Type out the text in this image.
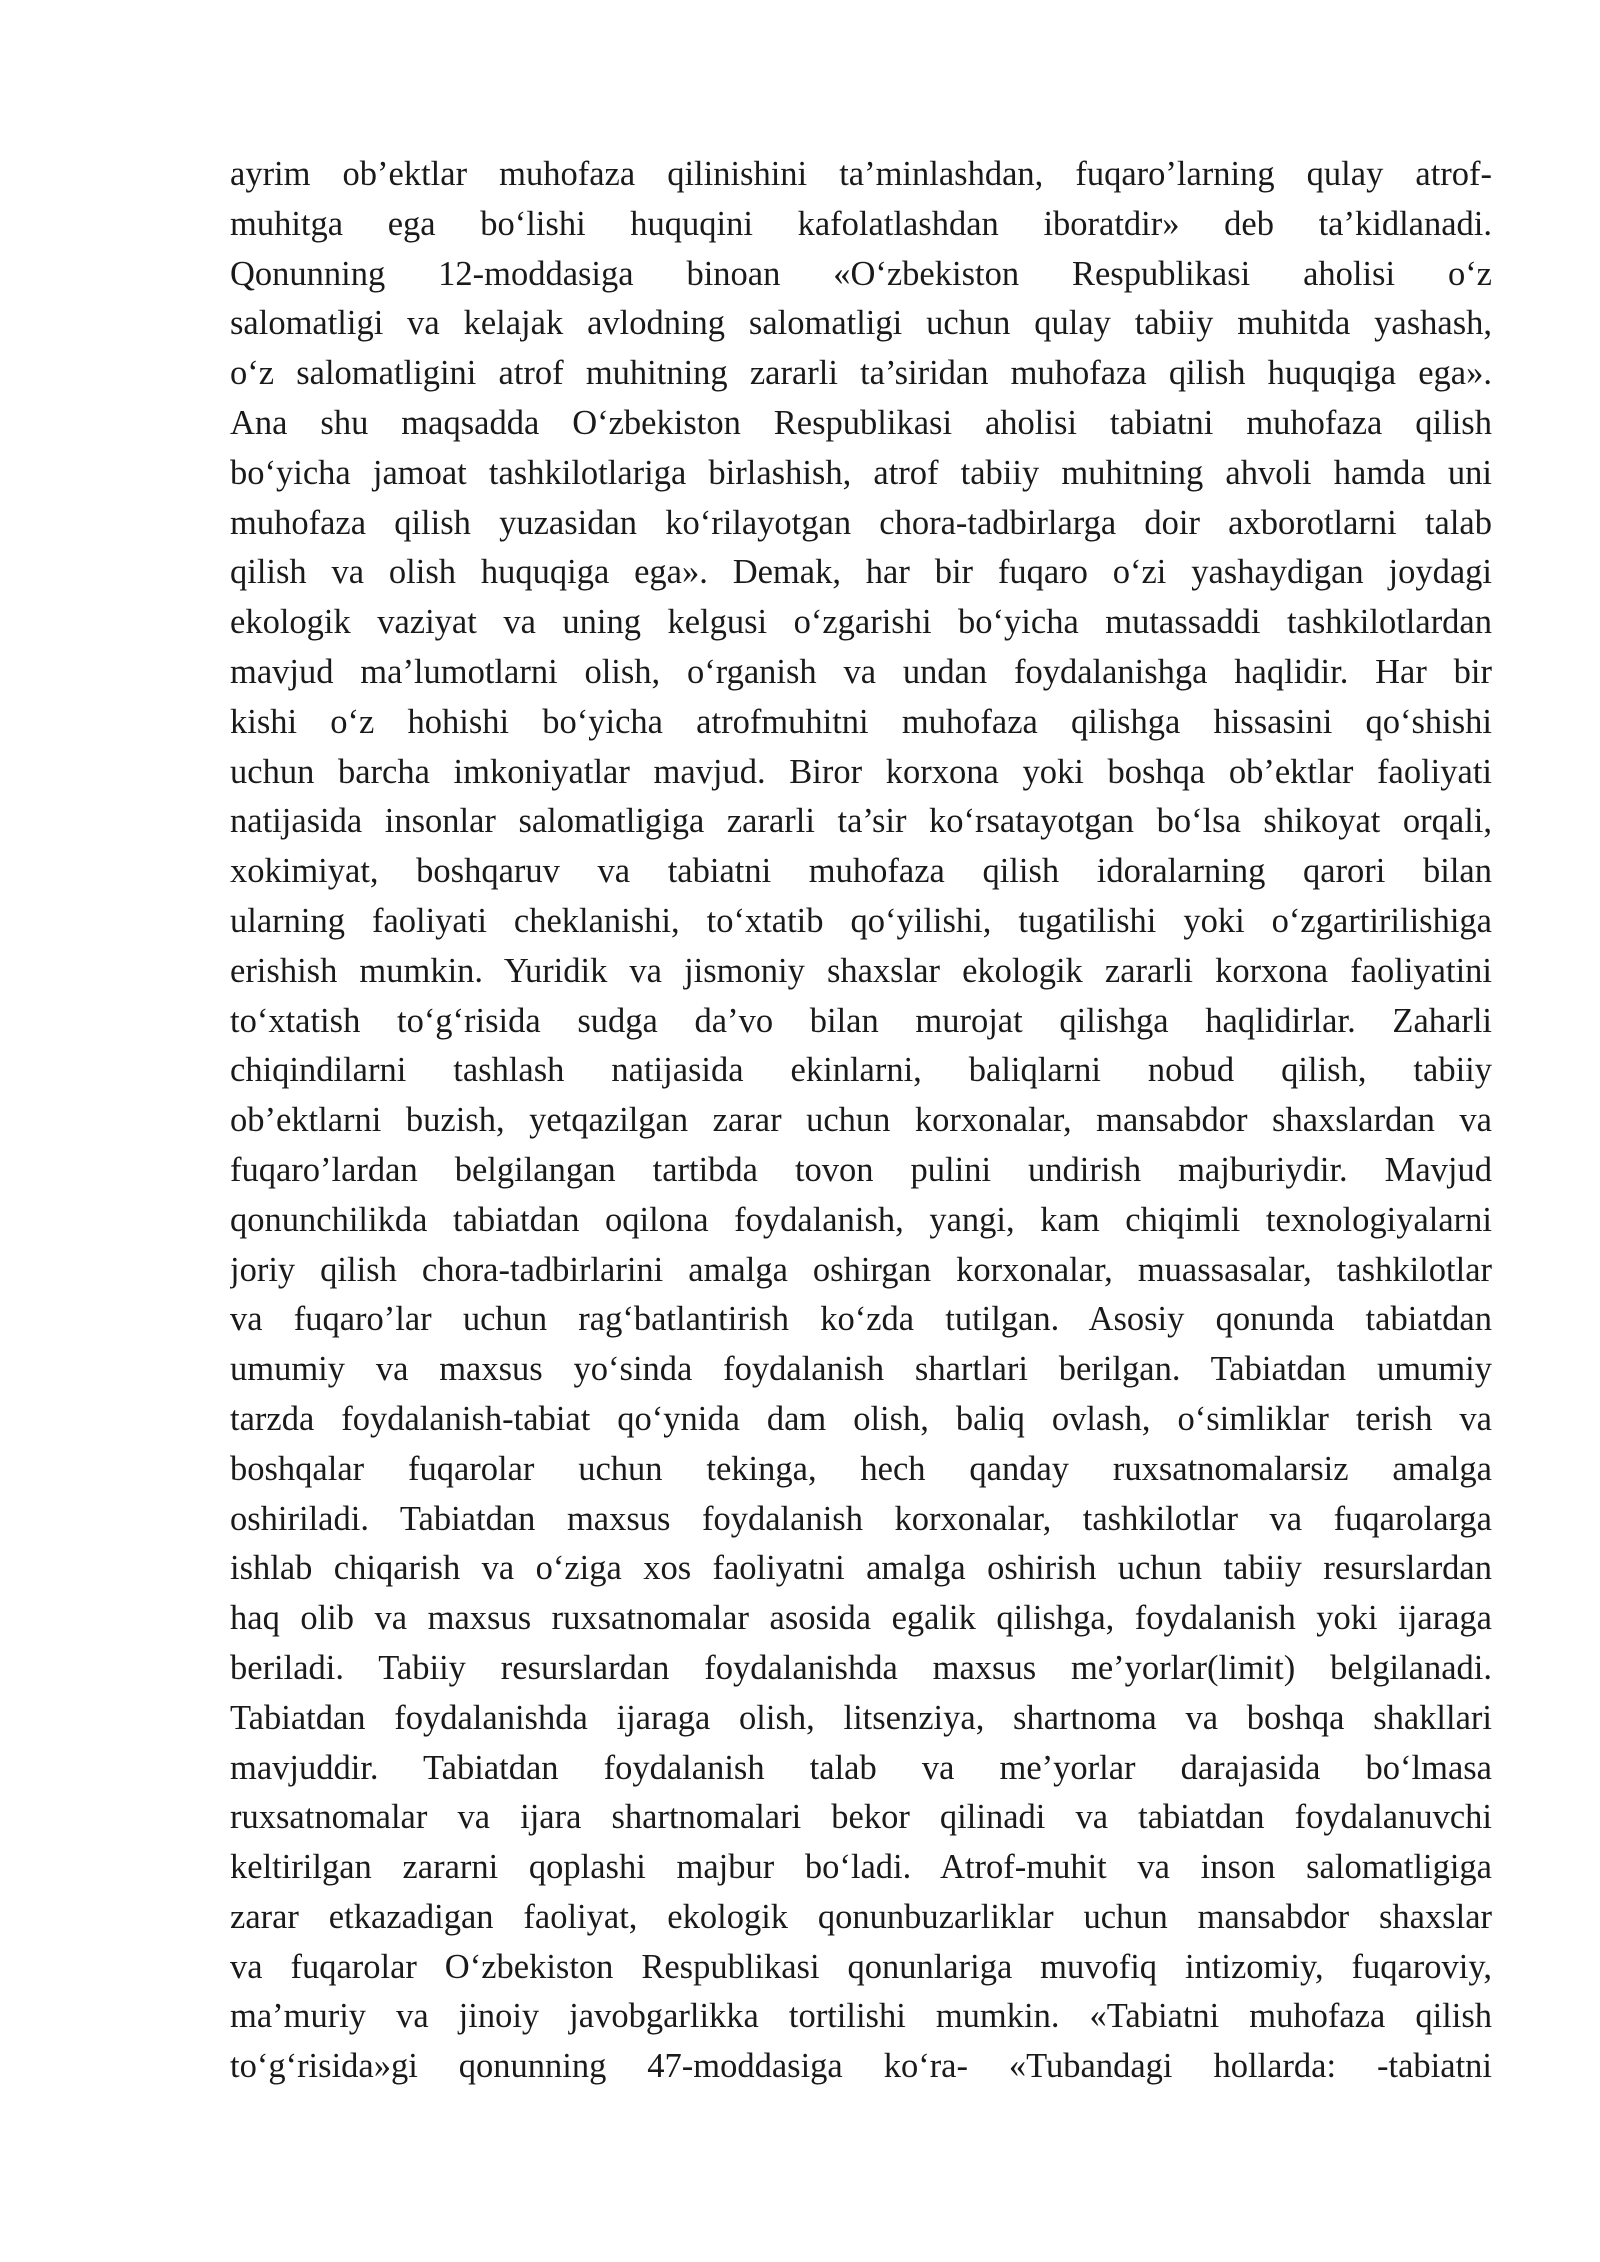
ayrim ob’ektlar muhofaza qilinishini ta’minlashdan, fuqaro’larning qulay atrof-
muhitga ega bo‘lishi huquqini kafolatlashdan iboratdir» deb ta’kidlanadi.
Qonunning 12-moddasiga binoan «O‘zbekiston Respublikasi aholisi o‘z
salomatligi va kelajak avlodning salomatligi uchun qulay tabiiy muhitda yashash,
o‘z salomatligini atrof muhitning zararli ta’siridan muhofaza qilish huquqiga ega».
Ana shu maqsadda O‘zbekiston Respublikasi aholisi tabiatni muhofaza qilish
bo‘yicha jamoat tashkilotlariga birlashish, atrof tabiiy muhitning ahvoli hamda uni
muhofaza qilish yuzasidan ko‘rilayotgan chora-tadbirlarga doir axborotlarni talab
qilish va olish huquqiga ega». Demak, har bir fuqaro o‘zi yashaydigan joydagi
ekologik vaziyat va uning kelgusi o‘zgarishi bo‘yicha mutassaddi tashkilotlardan
mavjud ma’lumotlarni olish, o‘rganish va undan foydalanishga haqlidir. Har bir
kishi o‘z hohishi bo‘yicha atrofmuhitni muhofaza qilishga hissasini qo‘shishi
uchun barcha imkoniyatlar mavjud. Biror korxona yoki boshqa ob’ektlar faoliyati
natijasida insonlar salomatligiga zararli ta’sir ko‘rsatayotgan bo‘lsa shikoyat orqali,
xokimiyat, boshqaruv va tabiatni muhofaza qilish idoralarning qarori bilan
ularning faoliyati cheklanishi, to‘xtatib qo‘yilishi, tugatilishi yoki o‘zgartirilishiga
erishish mumkin. Yuridik va jismoniy shaxslar ekologik zararli korxona faoliyatini
to‘xtatish to‘g‘risida sudga da’vo bilan murojat qilishga haqlidirlar. Zaharli
chiqindilarni tashlash natijasida ekinlarni, baliqlarni nobud qilish, tabiiy
ob’ektlarni buzish, yetqazilgan zarar uchun korxonalar, mansabdor shaxslardan va
fuqaro’lardan belgilangan tartibda tovon pulini undirish majburiydir. Mavjud
qonunchilikda tabiatdan oqilona foydalanish, yangi, kam chiqimli texnologiyalarni
joriy qilish chora-tadbirlarini amalga oshirgan korxonalar, muassasalar, tashkilotlar
va fuqaro’lar uchun rag‘batlantirish ko‘zda tutilgan. Asosiy qonunda tabiatdan
umumiy va maxsus yo‘sinda foydalanish shartlari berilgan. Tabiatdan umumiy
tarzda foydalanish-tabiat qo‘ynida dam olish, baliq ovlash, o‘simliklar terish va
boshqalar fuqarolar uchun tekinga, hech qanday ruxsatnomalarsiz amalga
oshiriladi. Tabiatdan maxsus foydalanish korxonalar, tashkilotlar va fuqarolarga
ishlab chiqarish va o‘ziga xos faoliyatni amalga oshirish uchun tabiiy resurslardan
haq olib va maxsus ruxsatnomalar asosida egalik qilishga, foydalanish yoki ijaraga
beriladi. Tabiiy resurslardan foydalanishda maxsus me’yorlar(limit) belgilanadi.
Tabiatdan foydalanishda ijaraga olish, litsenziya, shartnoma va boshqa shakllari
mavjuddir. Tabiatdan foydalanish talab va me’yorlar darajasida bo‘lmasa
ruxsatnomalar va ijara shartnomalari bekor qilinadi va tabiatdan foydalanuvchi
keltirilgan zararni qoplashi majbur bo‘ladi. Atrof-muhit va inson salomatligiga
zarar etkazadigan faoliyat, ekologik qonunbuzarliklar uchun mansabdor shaxslar
va fuqarolar O‘zbekiston Respublikasi qonunlariga muvofiq intizomiy, fuqaroviy,
ma’muriy va jinoiy javobgarlikka tortilishi mumkin. «Tabiatni muhofaza qilish
to‘g‘risida»gi qonunning 47-moddasiga ko‘ra- «Tubandagi hollarda: -tabiatni
